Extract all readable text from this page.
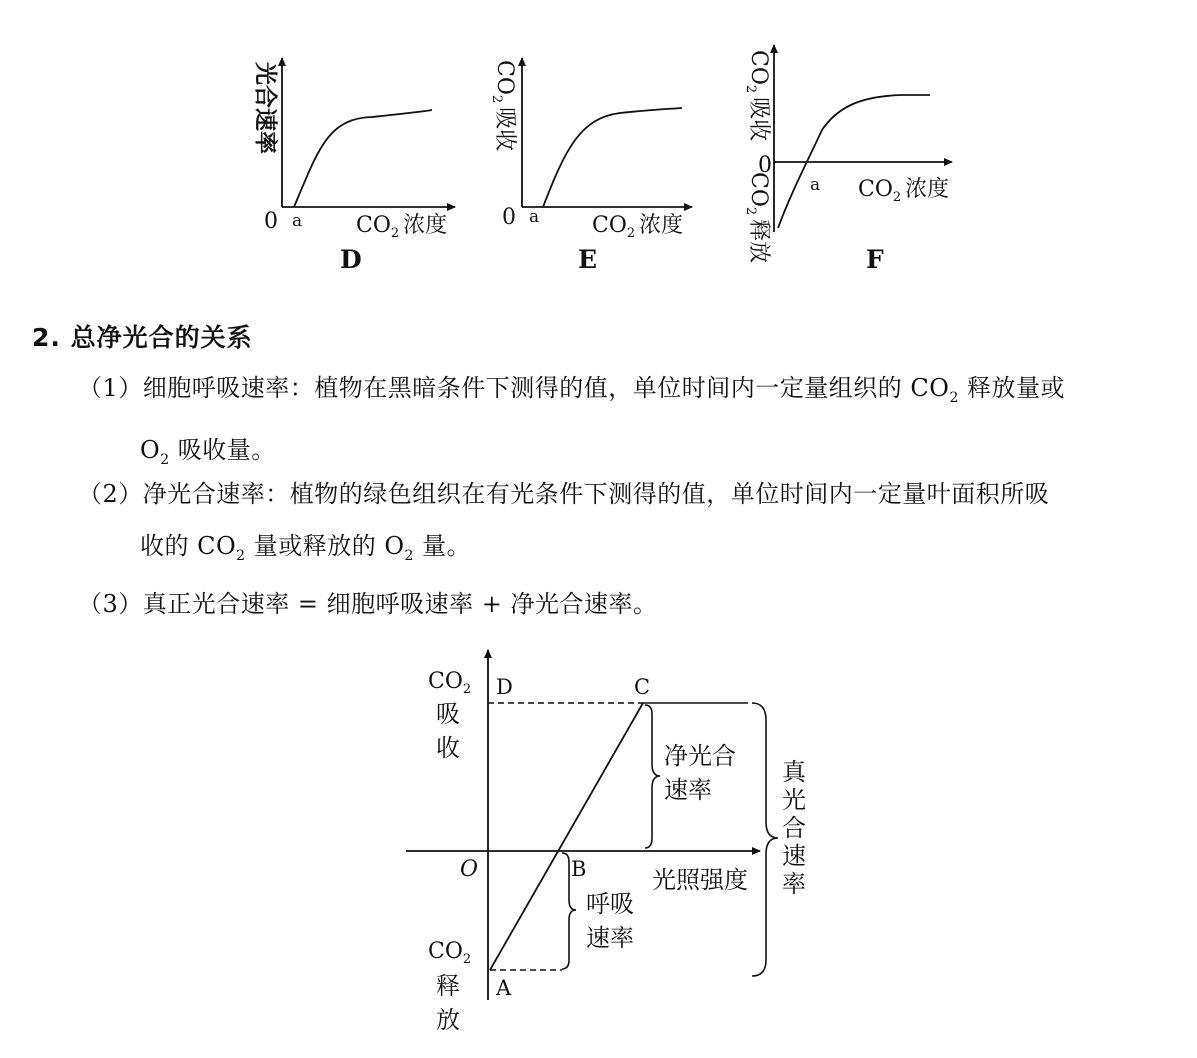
光合速率
0 a $CO_2$ 浓度
D
$CO_2$吸收
0 a $CO_2$ 浓度
E
$CO_2$吸收
$CO_2$释放
0
a $CO_2$ 浓度
F
$CO_2$
吸
收
$CO_2$
释
放
O	光照强度
A
B
C
D
净光合
速率
呼吸
速率
真
光
合
速
率
2. 总净光合的关系
（1）细胞呼吸速率：植物在黑暗条件下测得的值，单位时间内一定量组织的 $CO_2$ 释放量或
$O_2$ 吸收量。
（2）净光合速率：植物的绿色组织在有光条件下测得的值，单位时间内一定量叶面积所吸
收的 $CO_2$ 量或释放的 $O_2$ 量。
（3）真正光合速率 = 细胞呼吸速率 + 净光合速率。
